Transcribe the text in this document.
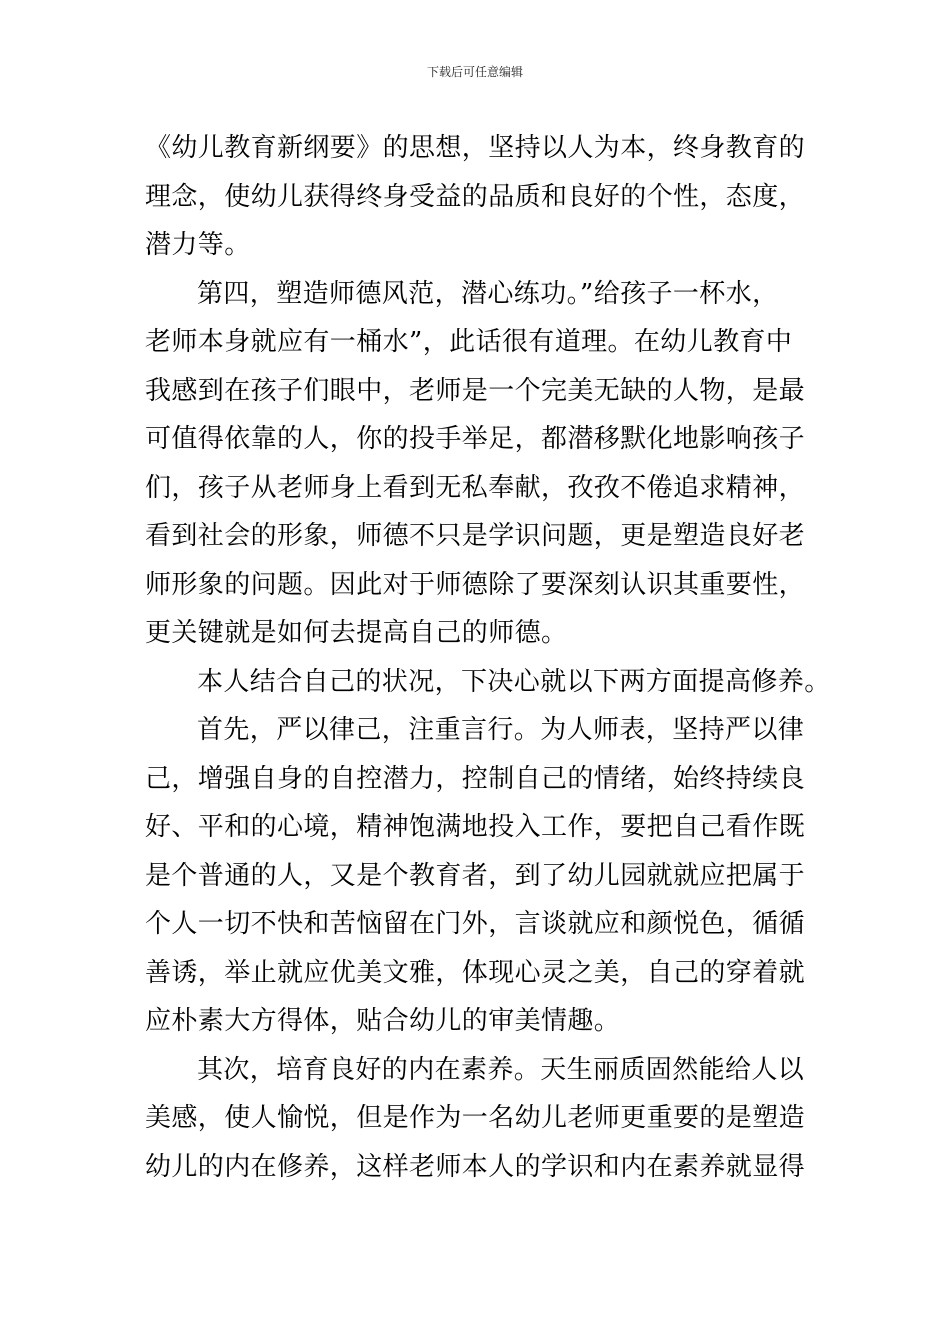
下载后可任意编辑
《幼儿教育新纲要》的思想，坚持以人为本，终身教育的
理念，使幼儿获得终身受益的品质和良好的个性，态度，
潜力等。
第四，塑造师德风范，潜心练功。”给孩子一杯水，
老师本身就应有一桶水”，此话很有道理。在幼儿教育中
我感到在孩子们眼中，老师是一个完美无缺的人物，是最
可值得依靠的人，你的投手举足，都潜移默化地影响孩子
们，孩子从老师身上看到无私奉献，孜孜不倦追求精神，
看到社会的形象，师德不只是学识问题，更是塑造良好老
师形象的问题。因此对于师德除了要深刻认识其重要性，
更关键就是如何去提高自己的师德。
本人结合自己的状况，下决心就以下两方面提高修养。
首先，严以律己，注重言行。为人师表，坚持严以律
己，增强自身的自控潜力，控制自己的情绪，始终持续良
好、平和的心境，精神饱满地投入工作，要把自己看作既
是个普通的人，又是个教育者，到了幼儿园就就应把属于
个人一切不快和苦恼留在门外，言谈就应和颜悦色，循循
善诱，举止就应优美文雅，体现心灵之美，自己的穿着就
应朴素大方得体，贴合幼儿的审美情趣。
其次，培育良好的内在素养。天生丽质固然能给人以
美感，使人愉悦，但是作为一名幼儿老师更重要的是塑造
幼儿的内在修养，这样老师本人的学识和内在素养就显得
